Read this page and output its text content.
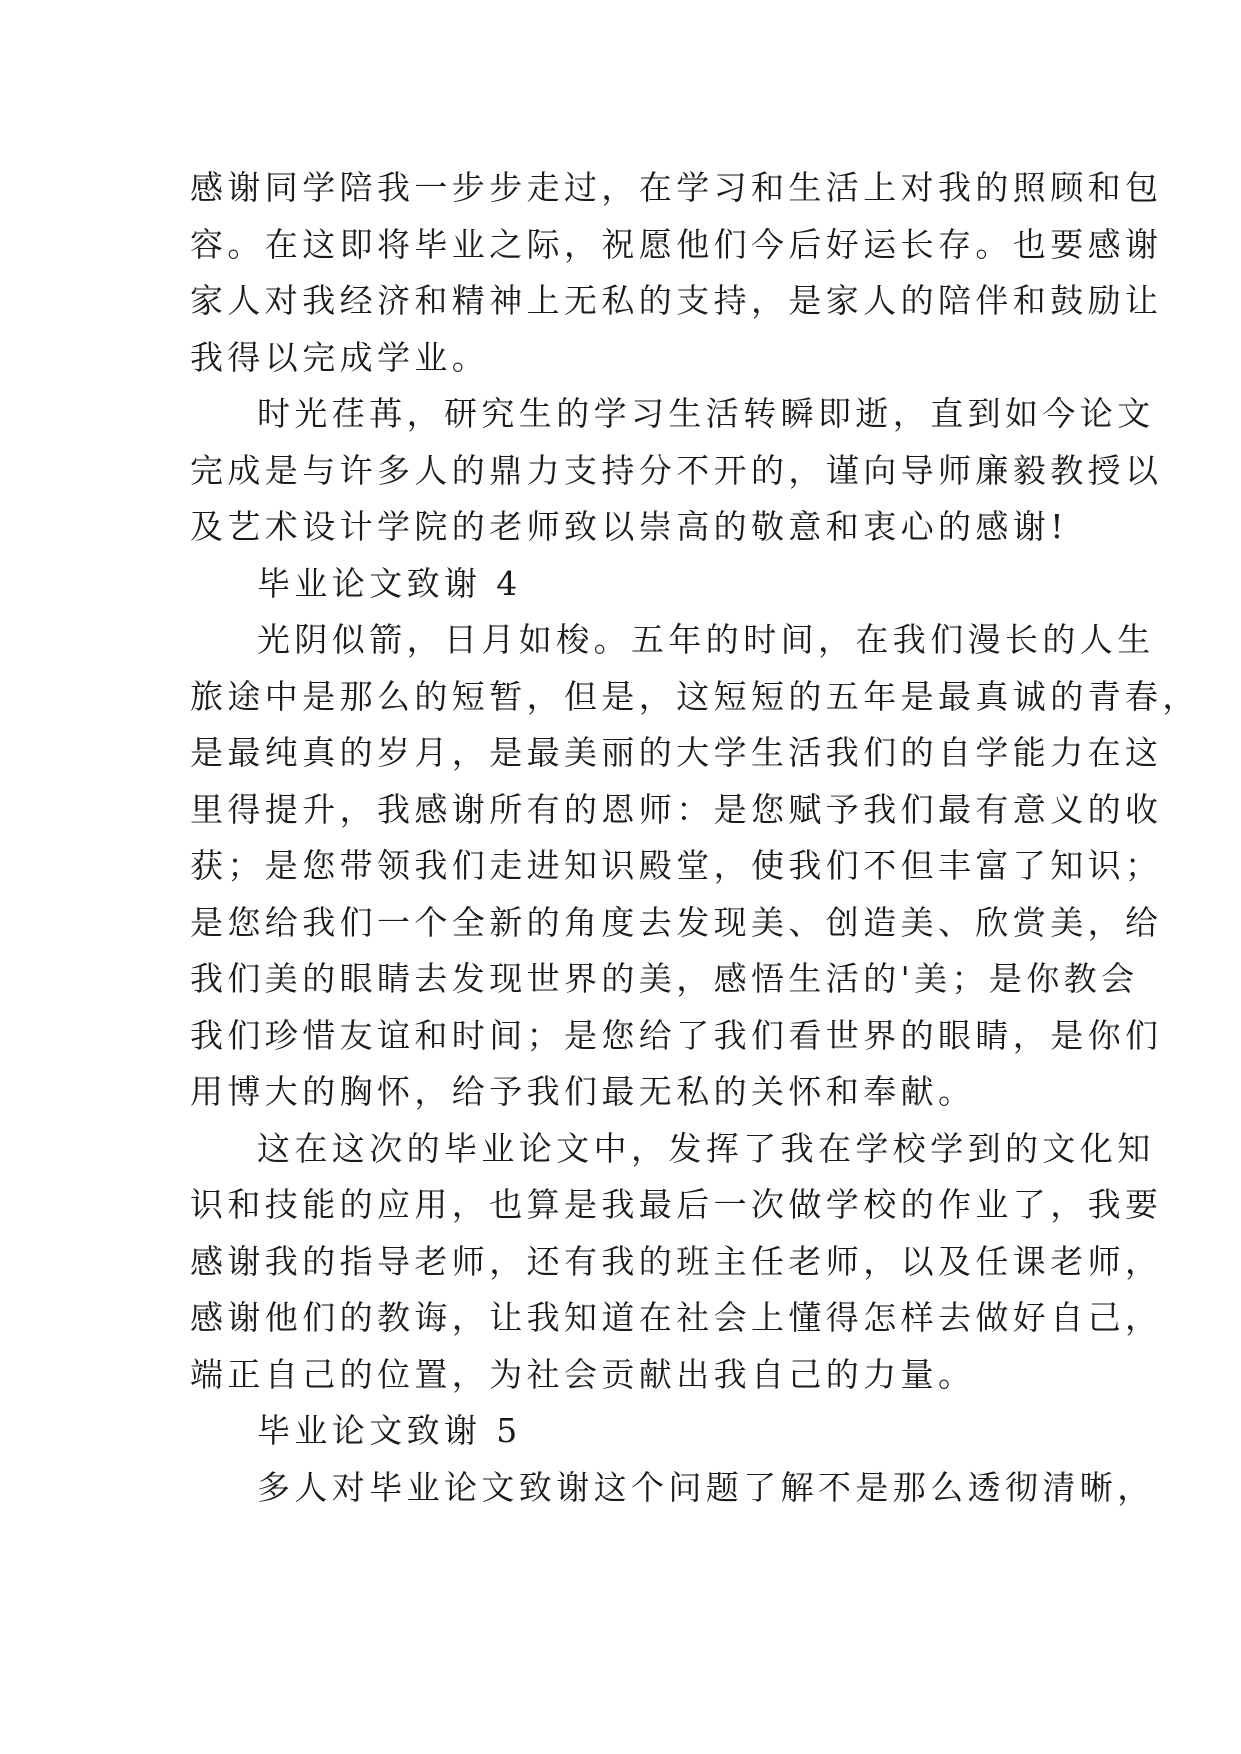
感谢同学陪我一步步走过，在学习和生活上对我的照顾和包
容。在这即将毕业之际，祝愿他们今后好运长存。也要感谢
家人对我经济和精神上无私的支持，是家人的陪伴和鼓励让
我得以完成学业。
时光荏苒，研究生的学习生活转瞬即逝，直到如今论文
完成是与许多人的鼎力支持分不开的，谨向导师廉毅教授以
及艺术设计学院的老师致以崇高的敬意和衷心的感谢!
毕业论文致谢 4
光阴似箭，日月如梭。五年的时间，在我们漫长的人生
旅途中是那么的短暂，但是，这短短的五年是最真诚的青春，
是最纯真的岁月，是最美丽的大学生活我们的自学能力在这
里得提升，我感谢所有的恩师：是您赋予我们最有意义的收
获；是您带领我们走进知识殿堂，使我们不但丰富了知识；
是您给我们一个全新的角度去发现美、创造美、欣赏美，给
我们美的眼睛去发现世界的美，感悟生活的'美；是你教会
我们珍惜友谊和时间；是您给了我们看世界的眼睛，是你们
用博大的胸怀，给予我们最无私的关怀和奉献。
这在这次的毕业论文中，发挥了我在学校学到的文化知
识和技能的应用，也算是我最后一次做学校的作业了，我要
感谢我的指导老师，还有我的班主任老师，以及任课老师，
感谢他们的教诲，让我知道在社会上懂得怎样去做好自己，
端正自己的位置，为社会贡献出我自己的力量。
毕业论文致谢 5
多人对毕业论文致谢这个问题了解不是那么透彻清晰，
